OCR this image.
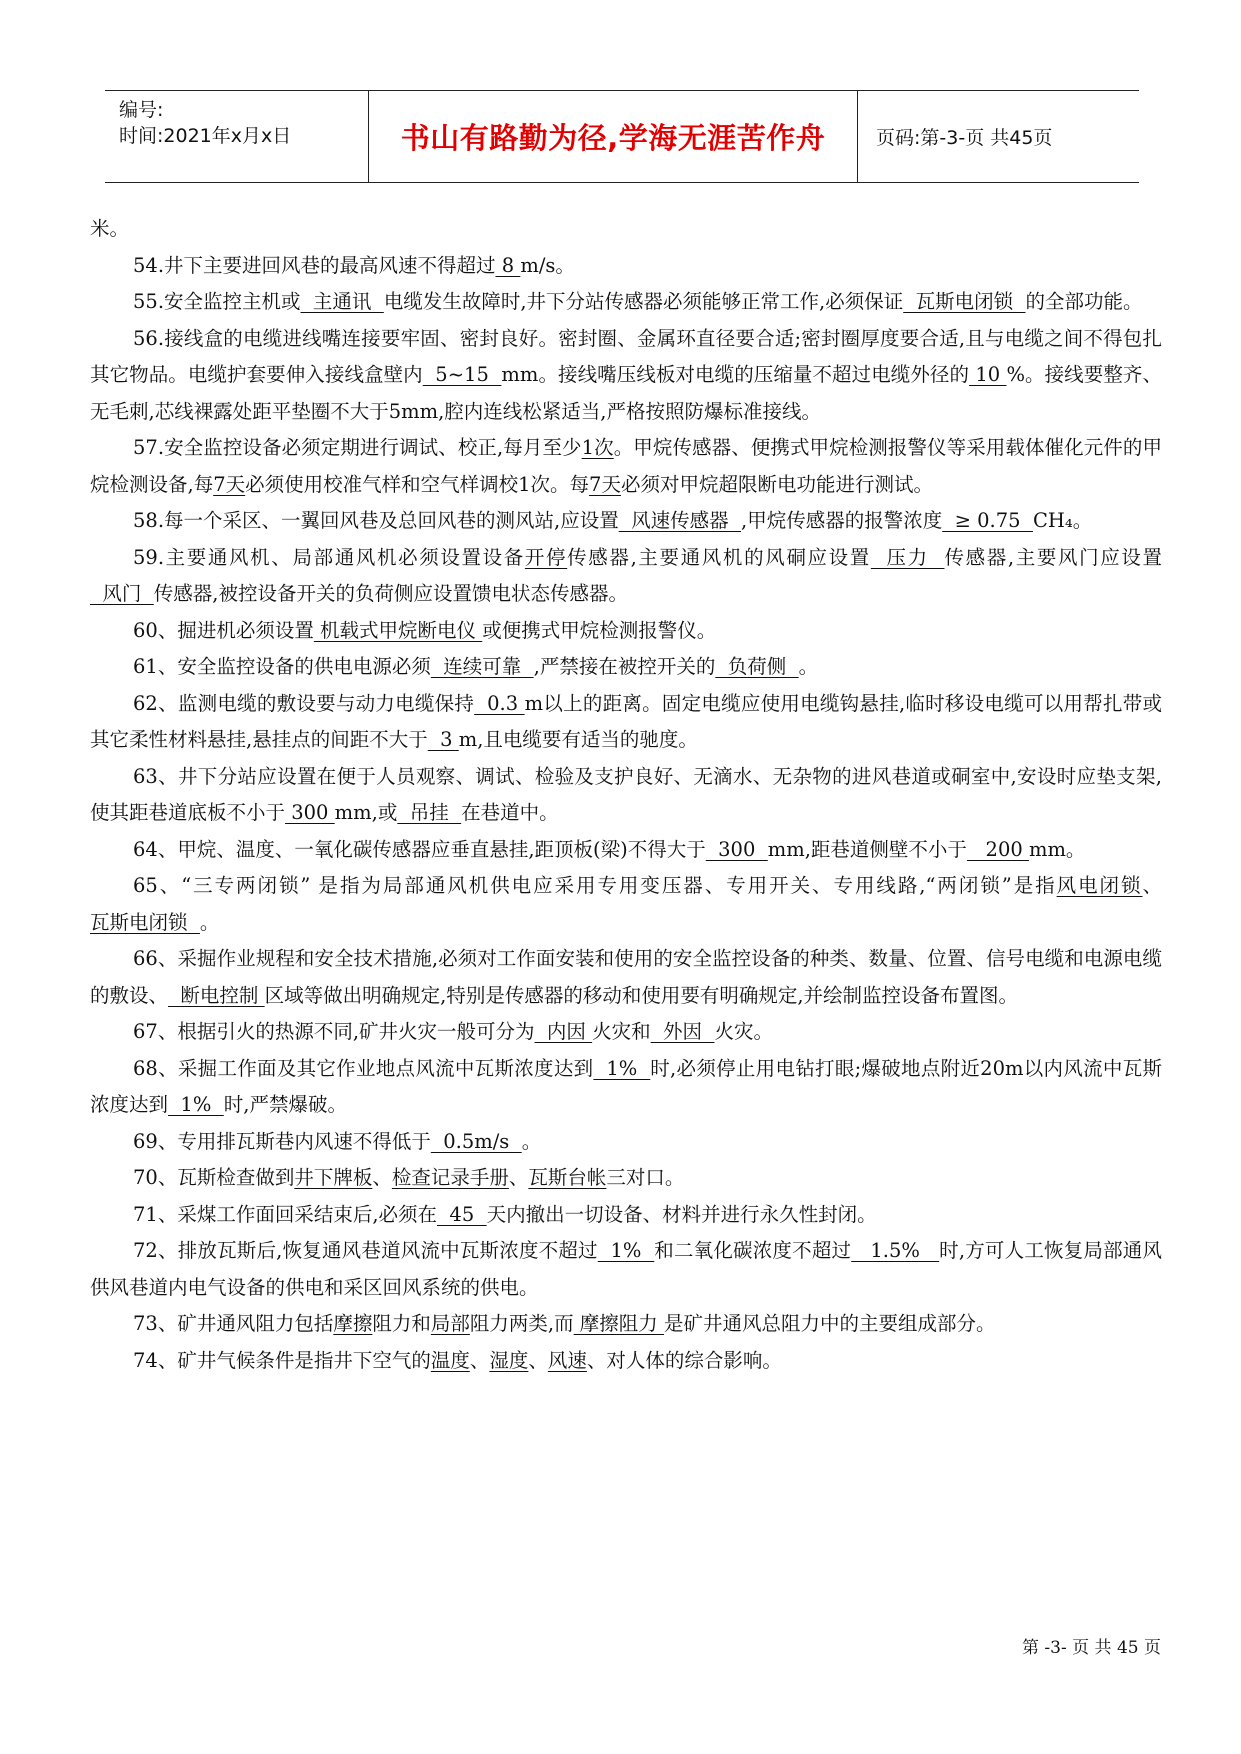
编号:
时间:2021年x月x日	书山有路勤为径,学海无涯苦作舟	页码:第-3-页 共45页

米。

54.井下主要进回风巷的最高风速不得超过 8 m/s。

55.安全监控主机或  主通讯  电缆发生故障时,井下分站传感器必须能够正常工作,必须保证  瓦斯电闭锁  的全部功能。

56.接线盒的电缆进线嘴连接要牢固、密封良好。密封圈、金属环直径要合适;密封圈厚度要合适,且与电缆之间不得包扎其它物品。电缆护套要伸入接线盒壁内  5~15  mm。接线嘴压线板对电缆的压缩量不超过电缆外径的 10 %。接线要整齐、无毛刺,芯线裸露处距平垫圈不大于5mm,腔内连线松紧适当,严格按照防爆标准接线。

57.安全监控设备必须定期进行调试、校正,每月至少1次。甲烷传感器、便携式甲烷检测报警仪等采用载体催化元件的甲烷检测设备,每7天必须使用校准气样和空气样调校1次。每7天必须对甲烷超限断电功能进行测试。

58.每一个采区、一翼回风巷及总回风巷的测风站,应设置  风速传感器  ,甲烷传感器的报警浓度  ≥ 0.75  CH₄。

59.主要通风机、局部通风机必须设置设备开停传感器,主要通风机的风硐应设置  压力  传感器,主要风门应设置  风门  传感器,被控设备开关的负荷侧应设置馈电状态传感器。

60、掘进机必须设置 机载式甲烷断电仪 或便携式甲烷检测报警仪。

61、安全监控设备的供电电源必须  连续可靠  ,严禁接在被控开关的  负荷侧  。

62、监测电缆的敷设要与动力电缆保持  0.3 m以上的距离。固定电缆应使用电缆钩悬挂,临时移设电缆可以用帮扎带或其它柔性材料悬挂,悬挂点的间距不大于  3 m,且电缆要有适当的驰度。

63、井下分站应设置在便于人员观察、调试、检验及支护良好、无滴水、无杂物的进风巷道或硐室中,安设时应垫支架,使其距巷道底板不小于 300 mm,或  吊挂  在巷道中。

64、甲烷、温度、一氧化碳传感器应垂直悬挂,距顶板(梁)不得大于  300  mm,距巷道侧壁不小于   200 mm。

65、“三专两闭锁” 是指为局部通风机供电应采用专用变压器、专用开关、专用线路,“两闭锁”是指风电闭锁、瓦斯电闭锁  。

66、采掘作业规程和安全技术措施,必须对工作面安装和使用的安全监控设备的种类、数量、位置、信号电缆和电源电缆的敷设、  断电控制 区域等做出明确规定,特别是传感器的移动和使用要有明确规定,并绘制监控设备布置图。

67、根据引火的热源不同,矿井火灾一般可分为  内因 火灾和  外因  火灾。

68、采掘工作面及其它作业地点风流中瓦斯浓度达到  1%  时,必须停止用电钻打眼;爆破地点附近20m以内风流中瓦斯浓度达到  1%  时,严禁爆破。

69、专用排瓦斯巷内风速不得低于  0.5m/s  。

70、瓦斯检查做到井下牌板、检查记录手册、瓦斯台帐三对口。

71、采煤工作面回采结束后,必须在  45  天内撤出一切设备、材料并进行永久性封闭。

72、排放瓦斯后,恢复通风巷道风流中瓦斯浓度不超过  1%  和二氧化碳浓度不超过   1.5%   时,方可人工恢复局部通风供风巷道内电气设备的供电和采区回风系统的供电。

73、矿井通风阻力包括摩擦阻力和局部阻力两类,而 摩擦阻力 是矿井通风总阻力中的主要组成部分。

74、矿井气候条件是指井下空气的温度、湿度、风速、对人体的综合影响。

第 -3- 页 共 45 页
